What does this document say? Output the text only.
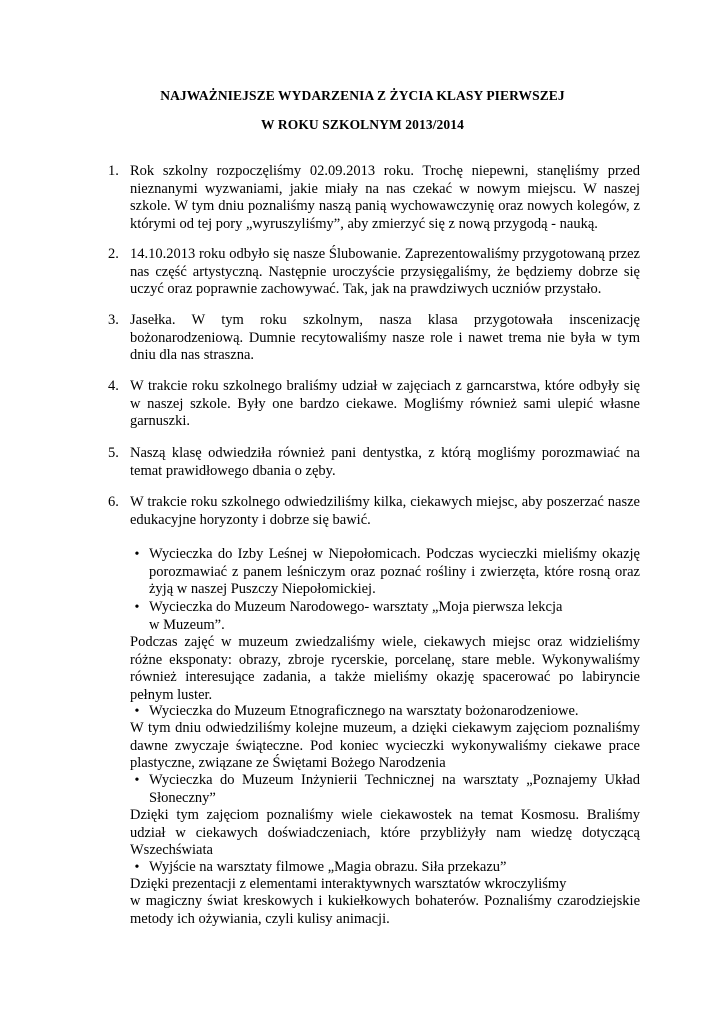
NAJWAŻNIEJSZE WYDARZENIA Z ŻYCIA KLASY PIERWSZEJ
W ROKU SZKOLNYM 2013/2014
1. Rok szkolny rozpoczęliśmy 02.09.2013 roku. Trochę niepewni, stanęliśmy przed nieznanymi wyzwaniami, jakie miały na nas czekać w nowym miejscu. W naszej szkole. W tym dniu poznaliśmy naszą panią wychowawczynię oraz nowych kolegów, z którymi od tej pory „wyruszyliśmy”, aby zmierzyć się z nową przygodą - nauką.
2. 14.10.2013 roku odbyło się nasze Ślubowanie. Zaprezentowaliśmy przygotowaną przez nas część artystyczną. Następnie uroczyście przysięgaliśmy, że będziemy dobrze się uczyć oraz poprawnie zachowywać. Tak, jak na prawdziwych uczniów przystało.
3. Jasełka. W tym roku szkolnym, nasza klasa przygotowała inscenizację bożonarodzeniową. Dumnie recytowaliśmy nasze role i nawet trema nie była w tym dniu dla nas straszna.
4. W trakcie roku szkolnego braliśmy udział w zajęciach z garncarstwa, które odbyły się w naszej szkole. Były one bardzo ciekawe. Mogliśmy również sami ulepić własne garnuszki.
5. Naszą klasę odwiedziła również pani dentystka, z którą mogliśmy porozmawiać na temat prawidłowego dbania o zęby.
6. W trakcie roku szkolnego odwiedziliśmy kilka, ciekawych miejsc, aby poszerzać nasze edukacyjne horyzonty i dobrze się bawić.
• Wycieczka do Izby Leśnej w Niepołomicach. Podczas wycieczki mieliśmy okazję porozmawiać z panem leśniczym oraz poznać rośliny i zwierzęta, które rosną oraz żyją w naszej Puszczy Niepołomickiej.
• Wycieczka do Muzeum Narodowego- warsztaty „Moja pierwsza lekcja
w Muzeum”.
Podczas zajęć w muzeum zwiedzaliśmy wiele, ciekawych miejsc oraz widzieliśmy różne eksponaty: obrazy, zbroje rycerskie, porcelanę, stare meble. Wykonywaliśmy również interesujące zadania, a także mieliśmy okazję spacerować po labiryncie pełnym luster.
• Wycieczka do Muzeum Etnograficznego na warsztaty bożonarodzeniowe.
W tym dniu odwiedziliśmy kolejne muzeum, a dzięki ciekawym zajęciom poznaliśmy dawne zwyczaje świąteczne. Pod koniec wycieczki wykonywaliśmy ciekawe prace plastyczne, związane ze Świętami Bożego Narodzenia
• Wycieczka do Muzeum Inżynierii Technicznej na warsztaty „Poznajemy Układ Słoneczny”
Dzięki tym zajęciom poznaliśmy wiele ciekawostek na temat Kosmosu. Braliśmy udział w ciekawych doświadczeniach, które przybliżyły nam wiedzę dotyczącą Wszechświata
• Wyjście na warsztaty filmowe „Magia obrazu. Siła przekazu”
Dzięki prezentacji z elementami interaktywnych warsztatów wkroczyliśmy
w magiczny świat kreskowych i kukiełkowych bohaterów. Poznaliśmy czarodziejskie metody ich ożywiania, czyli kulisy animacji.
